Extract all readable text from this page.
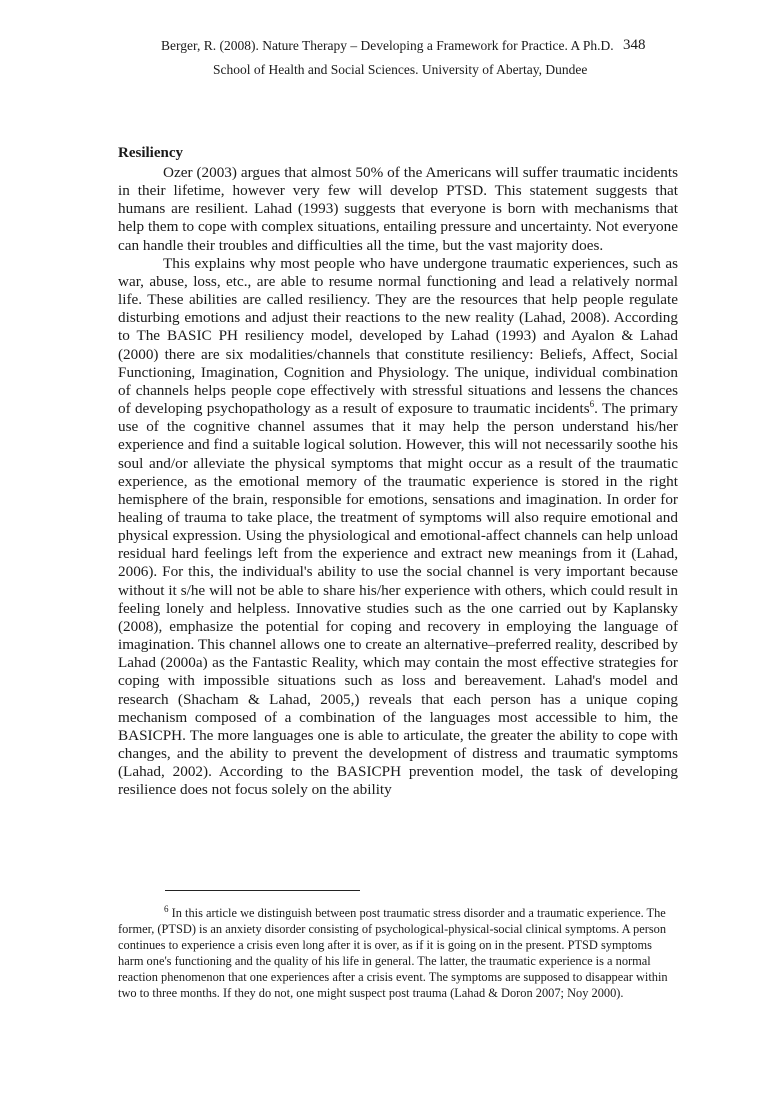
Berger, R. (2008). Nature Therapy – Developing a Framework for Practice. A Ph.D. 348
School of Health and Social Sciences. University of Abertay, Dundee
Resiliency

Ozer (2003) argues that almost 50% of the Americans will suffer traumatic incidents in their lifetime, however very few will develop PTSD. This statement suggests that humans are resilient. Lahad (1993) suggests that everyone is born with mechanisms that help them to cope with complex situations, entailing pressure and uncertainty. Not everyone can handle their troubles and difficulties all the time, but the vast majority does.

This explains why most people who have undergone traumatic experiences, such as war, abuse, loss, etc., are able to resume normal functioning and lead a relatively normal life. These abilities are called resiliency. They are the resources that help people regulate disturbing emotions and adjust their reactions to the new reality (Lahad, 2008). According to The BASIC PH resiliency model, developed by Lahad (1993) and Ayalon & Lahad (2000) there are six modalities/channels that constitute resiliency: Beliefs, Affect, Social Functioning, Imagination, Cognition and Physiology. The unique, individual combination of channels helps people cope effectively with stressful situations and lessens the chances of developing psychopathology as a result of exposure to traumatic incidents$^6$. The primary use of the cognitive channel assumes that it may help the person understand his/her experience and find a suitable logical solution. However, this will not necessarily soothe his soul and/or alleviate the physical symptoms that might occur as a result of the traumatic experience, as the emotional memory of the traumatic experience is stored in the right hemisphere of the brain, responsible for emotions, sensations and imagination. In order for healing of trauma to take place, the treatment of symptoms will also require emotional and physical expression. Using the physiological and emotional-affect channels can help unload residual hard feelings left from the experience and extract new meanings from it (Lahad, 2006). For this, the individual's ability to use the social channel is very important because without it s/he will not be able to share his/her experience with others, which could result in feeling lonely and helpless. Innovative studies such as the one carried out by Kaplansky (2008), emphasize the potential for coping and recovery in employing the language of imagination. This channel allows one to create an alternative–preferred reality, described by Lahad (2000a) as the Fantastic Reality, which may contain the most effective strategies for coping with impossible situations such as loss and bereavement. Lahad's model and research (Shacham & Lahad, 2005,) reveals that each person has a unique coping mechanism composed of a combination of the languages most accessible to him, the BASICPH. The more languages one is able to articulate, the greater the ability to cope with changes, and the ability to prevent the development of distress and traumatic symptoms (Lahad, 2002). According to the BASICPH prevention model, the task of developing resilience does not focus solely on the ability

$^6$ In this article we distinguish between post traumatic stress disorder and a traumatic experience. The former, (PTSD) is an anxiety disorder consisting of psychological-physical-social clinical symptoms. A person continues to experience a crisis even long after it is over, as if it is going on in the present. PTSD symptoms harm one's functioning and the quality of his life in general. The latter, the traumatic experience is a normal reaction phenomenon that one experiences after a crisis event. The symptoms are supposed to disappear within two to three months. If they do not, one might suspect post trauma (Lahad & Doron 2007; Noy 2000).
